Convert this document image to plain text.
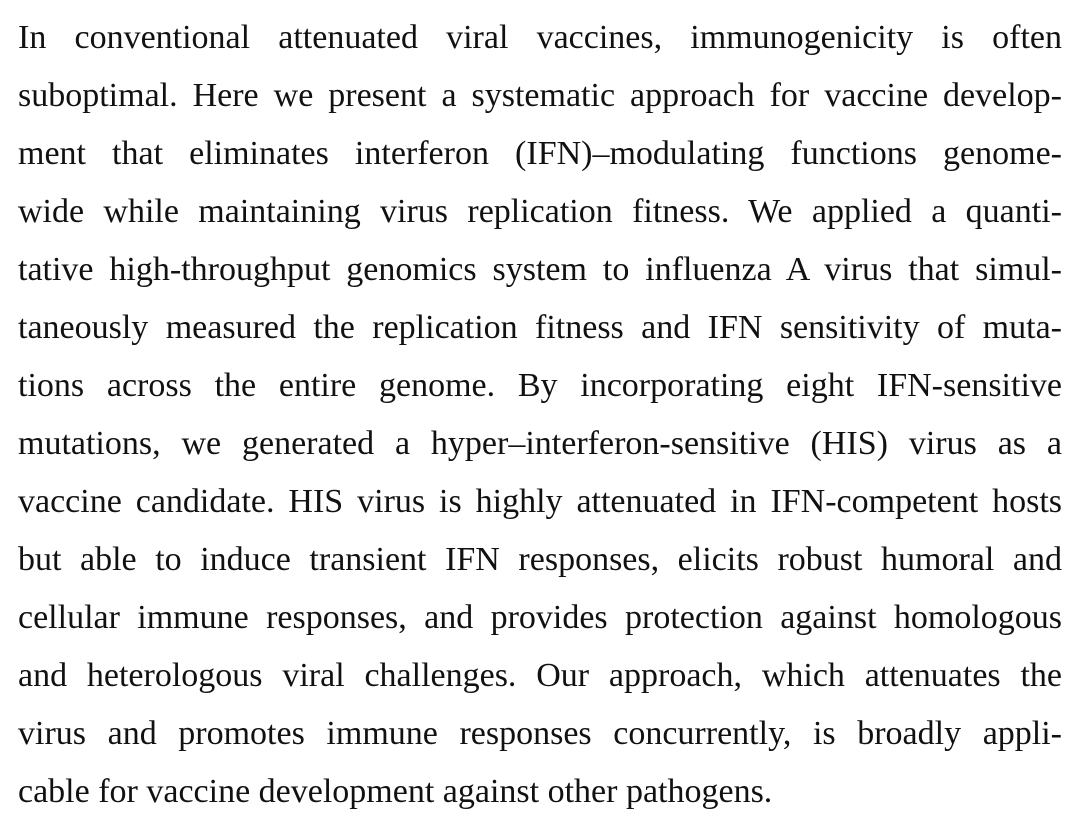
In conventional attenuated viral vaccines, immunogenicity is often
suboptimal. Here we present a systematic approach for vaccine develop-
ment that eliminates interferon (IFN)–modulating functions genome-
wide while maintaining virus replication fitness. We applied a quanti-
tative high-throughput genomics system to influenza A virus that simul-
taneously measured the replication fitness and IFN sensitivity of muta-
tions across the entire genome. By incorporating eight IFN-sensitive
mutations, we generated a hyper–interferon-sensitive (HIS) virus as a
vaccine candidate. HIS virus is highly attenuated in IFN-competent hosts
but able to induce transient IFN responses, elicits robust humoral and
cellular immune responses, and provides protection against homologous
and heterologous viral challenges. Our approach, which attenuates the
virus and promotes immune responses concurrently, is broadly appli-
cable for vaccine development against other pathogens.
